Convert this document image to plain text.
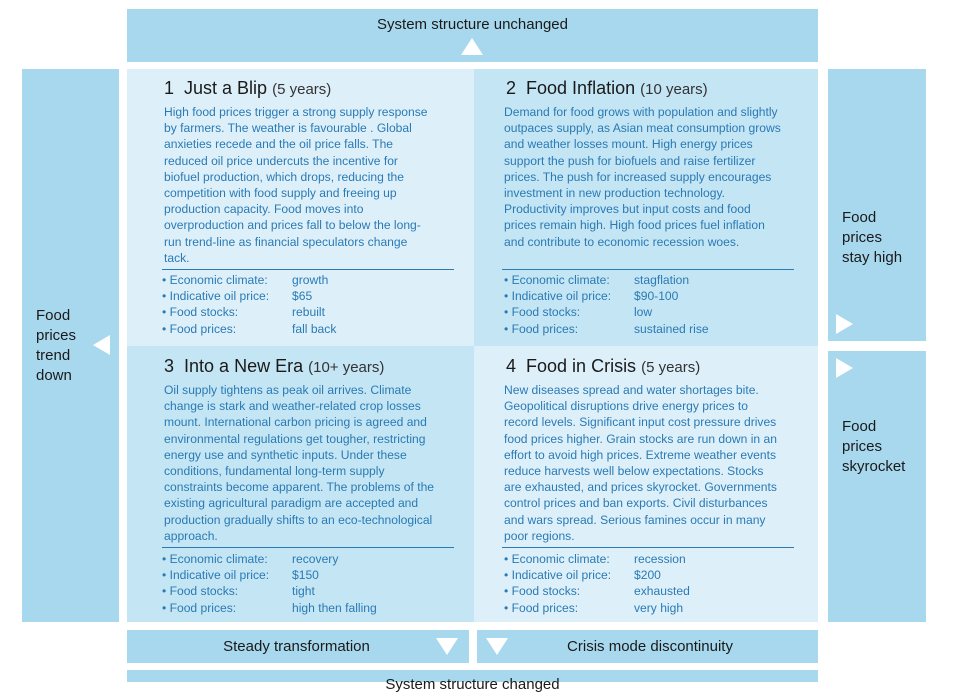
System structure unchanged
Food
prices
trend
down
Food
prices
stay high
Food
prices
skyrocket
1 Just a Blip (5 years)
High food prices trigger a strong supply response by farmers. The weather is favourable . Global anxieties recede and the oil price falls. The reduced oil price undercuts the incentive for biofuel production, which drops, reducing the competition with food supply and freeing up production capacity. Food moves into overproduction and prices fall to below the long-run trend-line as financial speculators change tack.
• Economic climate:	growth
• Indicative oil price:	$65
• Food stocks:	rebuilt
• Food prices:	fall back
2 Food Inflation (10 years)
Demand for food grows with population and slightly outpaces supply, as Asian meat consumption grows and weather losses mount. High energy prices support the push for biofuels and raise fertilizer prices. The push for increased supply encourages investment in new production technology. Productivity improves but input costs and food prices remain high. High food prices fuel inflation and contribute to economic recession woes.
• Economic climate:	stagflation
• Indicative oil price:	$90-100
• Food stocks:	low
• Food prices:	sustained rise
3 Into a New Era (10+ years)
Oil supply tightens as peak oil arrives. Climate change is stark and weather-related crop losses mount. International carbon pricing is agreed and environmental regulations get tougher, restricting energy use and synthetic inputs. Under these conditions, fundamental long-term supply constraints become apparent. The problems of the existing agricultural paradigm are accepted and production gradually shifts to an eco-technological approach.
• Economic climate:	recovery
• Indicative oil price:	$150
• Food stocks:	tight
• Food prices:	high then falling
4 Food in Crisis (5 years)
New diseases spread and water shortages bite. Geopolitical disruptions drive energy prices to record levels. Significant input cost pressure drives food prices higher. Grain stocks are run down in an effort to avoid high prices. Extreme weather events reduce harvests well below expectations. Stocks are exhausted, and prices skyrocket. Governments control prices and ban exports. Civil disturbances and wars spread. Serious famines occur in many poor regions.
• Economic climate:	recession
• Indicative oil price:	$200
• Food stocks:	exhausted
• Food prices:	very high
Steady transformation	Crisis mode discontinuity
System structure changed
